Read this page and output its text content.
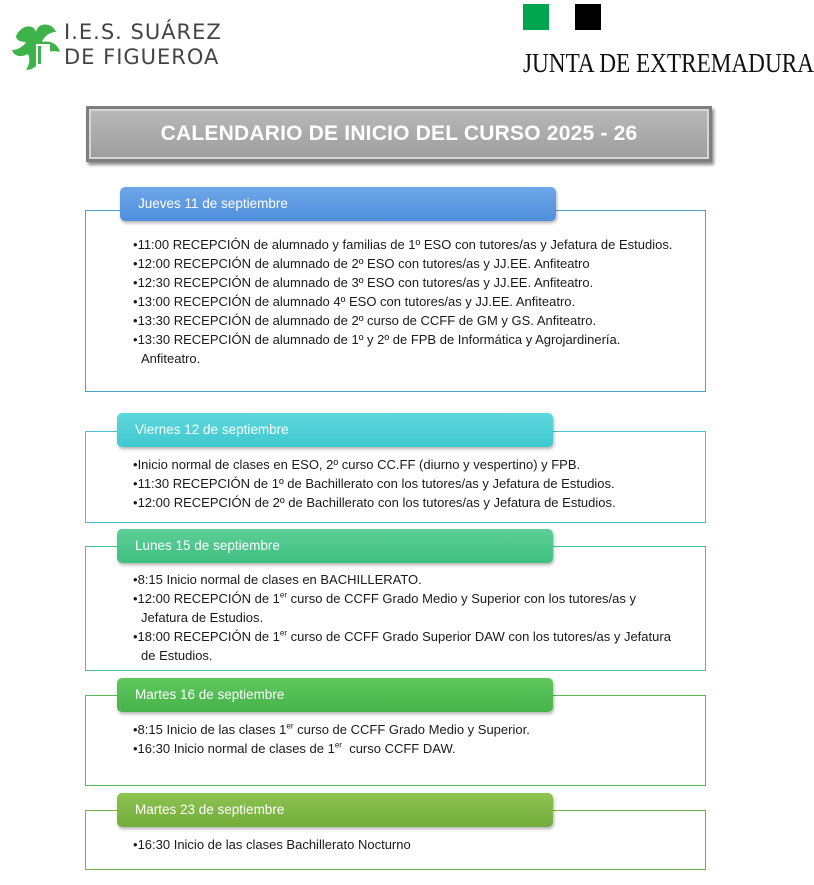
I.E.S. SUÁREZ
DE FIGUEROA	JUNTA DE EXTREMADURA
CALENDARIO DE INICIO DEL CURSO 2025 - 26
Jueves 11 de septiembre
•11:00 RECEPCIÓN de alumnado y familias de 1º ESO con tutores/as y Jefatura de Estudios.
•12:00 RECEPCIÓN de alumnado de 2º ESO con tutores/as y JJ.EE. Anfiteatro
•12:30 RECEPCIÓN de alumnado de 3º ESO con tutores/as y JJ.EE. Anfiteatro.
•13:00 RECEPCIÓN de alumnado 4º ESO con tutores/as y JJ.EE. Anfiteatro.
•13:30 RECEPCIÓN de alumnado de 2º curso de CCFF de GM y GS. Anfiteatro.
•13:30 RECEPCIÓN de alumnado de 1º y 2º de FPB de Informática y Agrojardinería. Anfiteatro.
Viernes 12 de septiembre
•Inicio normal de clases en ESO, 2º curso CC.FF (diurno y vespertino) y FPB.
•11:30 RECEPCIÓN de 1º de Bachillerato con los tutores/as y Jefatura de Estudios.
•12:00 RECEPCIÓN de 2º de Bachillerato con los tutores/as y Jefatura de Estudios.
Lunes 15 de septiembre
•8:15 Inicio normal de clases en BACHILLERATO.
•12:00 RECEPCIÓN de 1er curso de CCFF Grado Medio y Superior con los tutores/as y Jefatura de Estudios.
•18:00 RECEPCIÓN de 1er curso de CCFF Grado Superior DAW con los tutores/as y Jefatura de Estudios.
Martes 16 de septiembre
•8:15 Inicio de las clases 1er curso de CCFF Grado Medio y Superior.
•16:30 Inicio normal de clases de 1er  curso CCFF DAW.
Martes 23 de septiembre
•16:30 Inicio de las clases Bachillerato Nocturno
